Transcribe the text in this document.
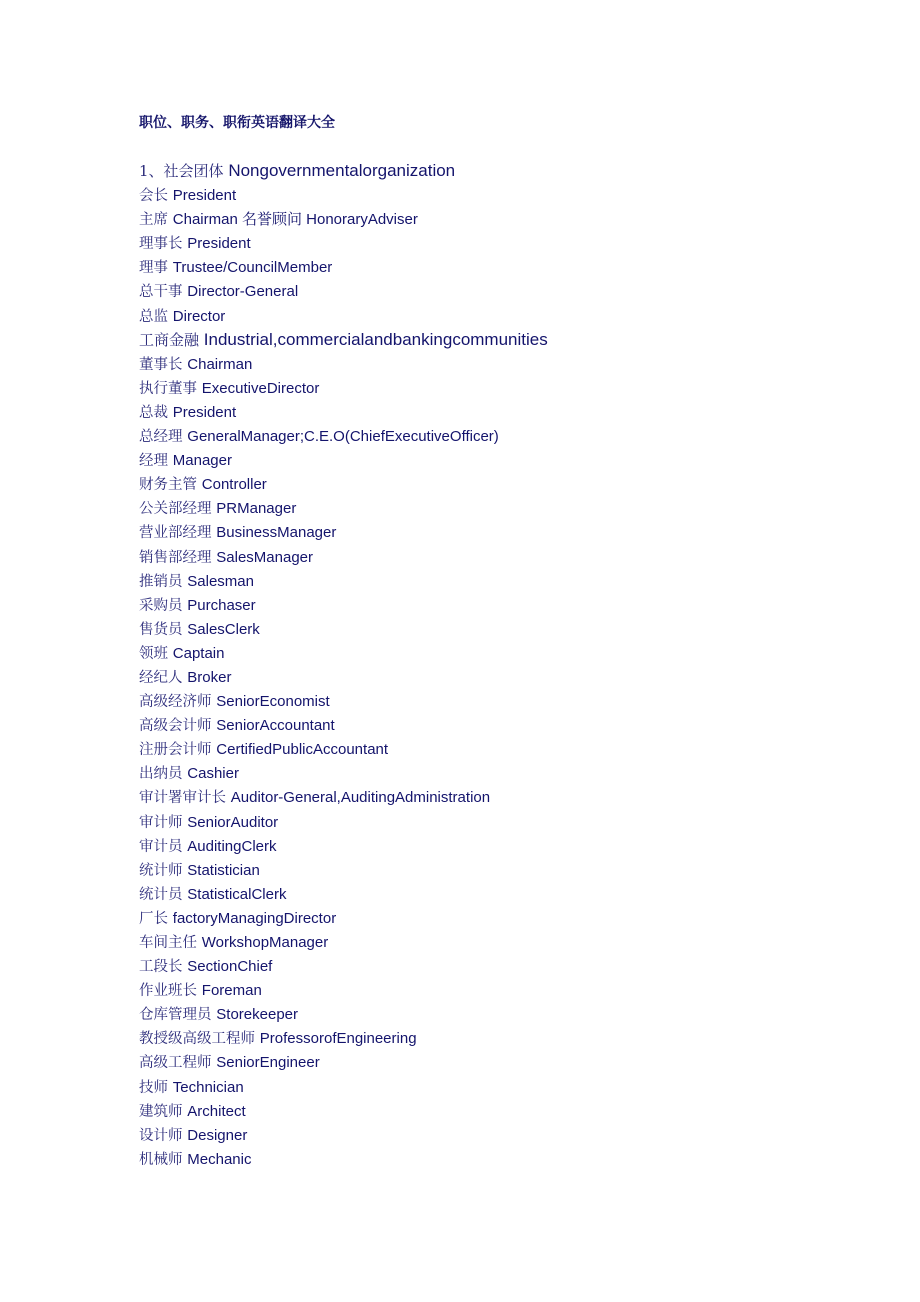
职位、职务、职衔英语翻译大全
1、社会团体 Nongovernmentalorganization
会长 President
主席 Chairman 名誉顾问 HonoraryAdviser
理事长 President
理事 Trustee/CouncilMember
总干事 Director-General
总监 Director
工商金融 Industrial,commercialandbankingcommunities
董事长 Chairman
执行董事 ExecutiveDirector
总裁 President
总经理 GeneralManager;C.E.O(ChiefExecutiveOfficer)
经理 Manager
财务主管 Controller
公关部经理 PRManager
营业部经理 BusinessManager
销售部经理 SalesManager
推销员 Salesman
采购员 Purchaser
售货员 SalesClerk
领班 Captain
经纪人 Broker
高级经济师 SeniorEconomist
高级会计师 SeniorAccountant
注册会计师 CertifiedPublicAccountant
出纳员 Cashier
审计署审计长 Auditor-General,AuditingAdministration
审计师 SeniorAuditor
审计员 AuditingClerk
统计师 Statistician
统计员 StatisticalClerk
厂长 factoryManagingDirector
车间主任 WorkshopManager
工段长 SectionChief
作业班长 Foreman
仓库管理员 Storekeeper
教授级高级工程师 ProfessorofEngineering
高级工程师 SeniorEngineer
技师 Technician
建筑师 Architect
设计师 Designer
机械师 Mechanic
